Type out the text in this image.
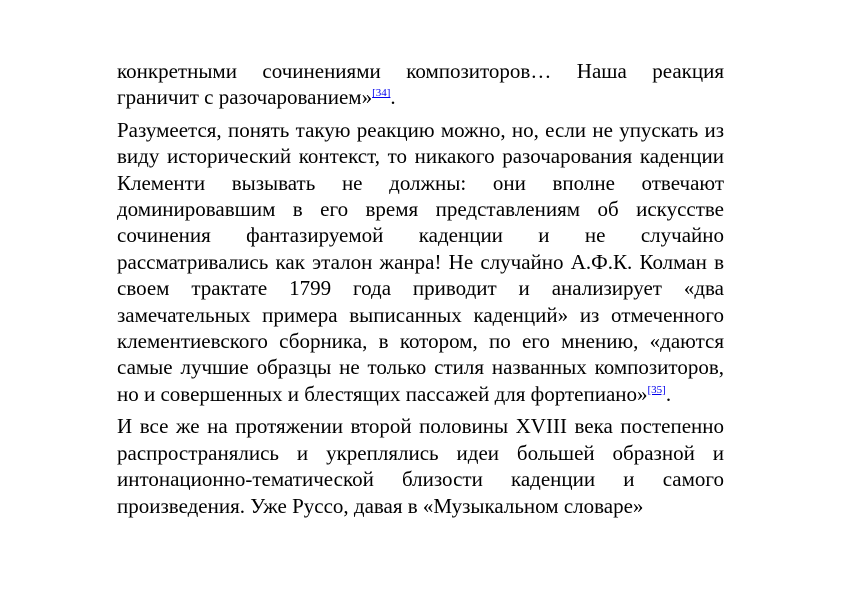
конкретными сочинениями композиторов… Наша реакция граничит с разочарованием»[34].

Разумеется, понять такую реакцию можно, но, если не упускать из виду исторический контекст, то никакого разочарования каденции Клементи вызывать не должны: они вполне отвечают доминировавшим в его время представлениям об искусстве сочинения фантазируемой каденции и не случайно рассматривались как эталон жанра! Не случайно А.Ф.К. Колман в своем трактате 1799 года приводит и анализирует «два замечательных примера выписанных каденций» из отмеченного клементиевского сборника, в котором, по его мнению, «даются самые лучшие образцы не только стиля названных композиторов, но и совершенных и блестящих пассажей для фортепиано»[35].

И все же на протяжении второй половины XVIII века постепенно распространялись и укреплялись идеи большей образной и интонационно-тематической близости каденции и самого произведения. Уже Руссо, давая в «Музыкальном словаре»
